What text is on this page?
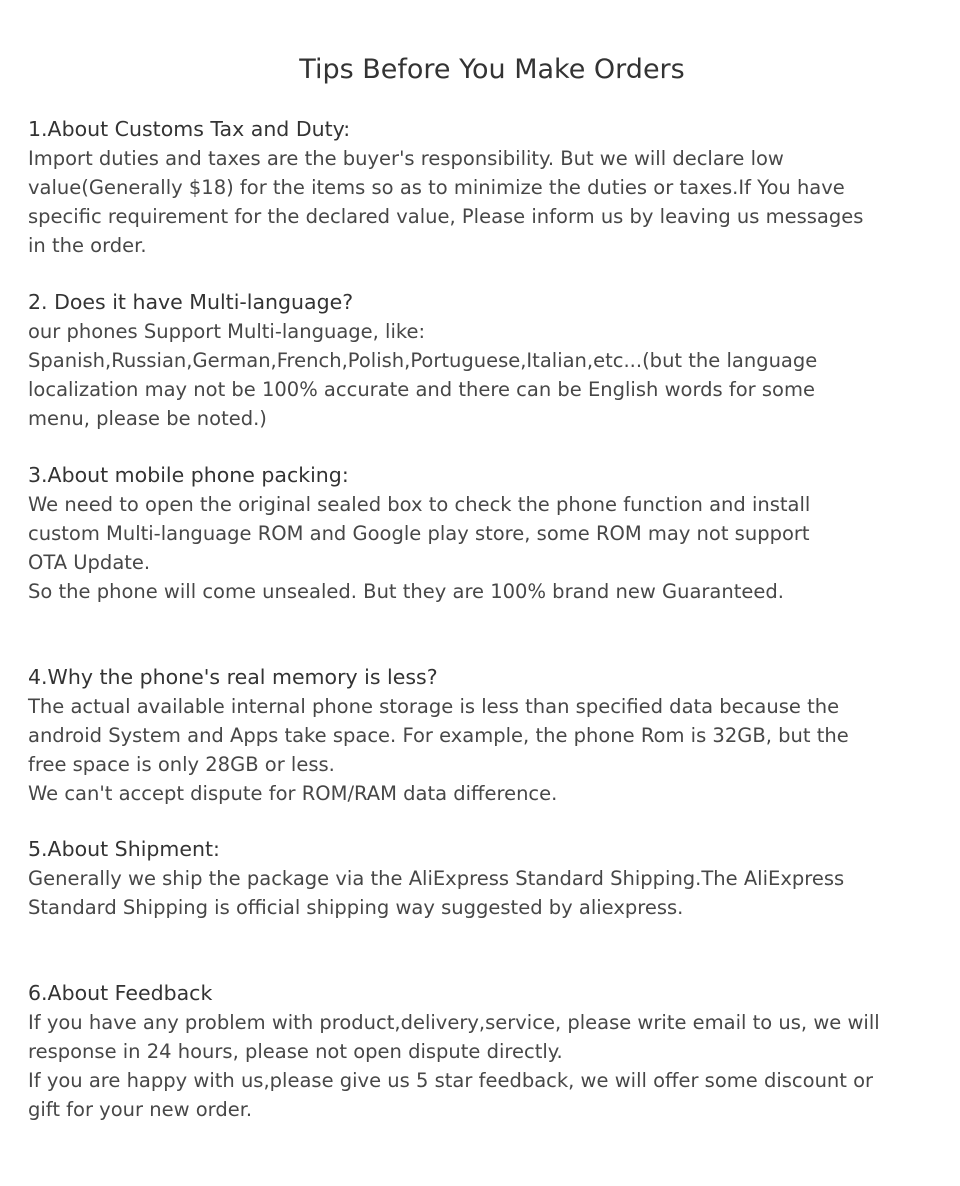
Tips Before You Make Orders
1.About Customs Tax and Duty:
Import duties and taxes are the buyer's responsibility. But we will declare low
value(Generally $18) for the items so as to minimize the duties or taxes.If You have
specific requirement for the declared value, Please inform us by leaving us messages
in the order.
2. Does it have Multi-language?
our phones Support Multi-language, like:
Spanish,Russian,German,French,Polish,Portuguese,Italian,etc...(but the language
localization may not be 100% accurate and there can be English words for some
menu, please be noted.)
3.About mobile phone packing:
We need to open the original sealed box to check the phone function and install
custom Multi-language ROM and Google play store, some ROM may not support
OTA Update.
So the phone will come unsealed. But they are 100% brand new Guaranteed.
4.Why the phone's real memory is less?
The actual available internal phone storage is less than specified data because the
android System and Apps take space. For example, the phone Rom is 32GB, but the
free space is only 28GB or less.
We can't accept dispute for ROM/RAM data difference.
5.About Shipment:
Generally we ship the package via the AliExpress Standard Shipping.The AliExpress
Standard Shipping is official shipping way suggested by aliexpress.
6.About Feedback
If you have any problem with product,delivery,service, please write email to us, we will
response in 24 hours, please not open dispute directly.
If you are happy with us,please give us 5 star feedback, we will offer some discount or
gift for your new order.
